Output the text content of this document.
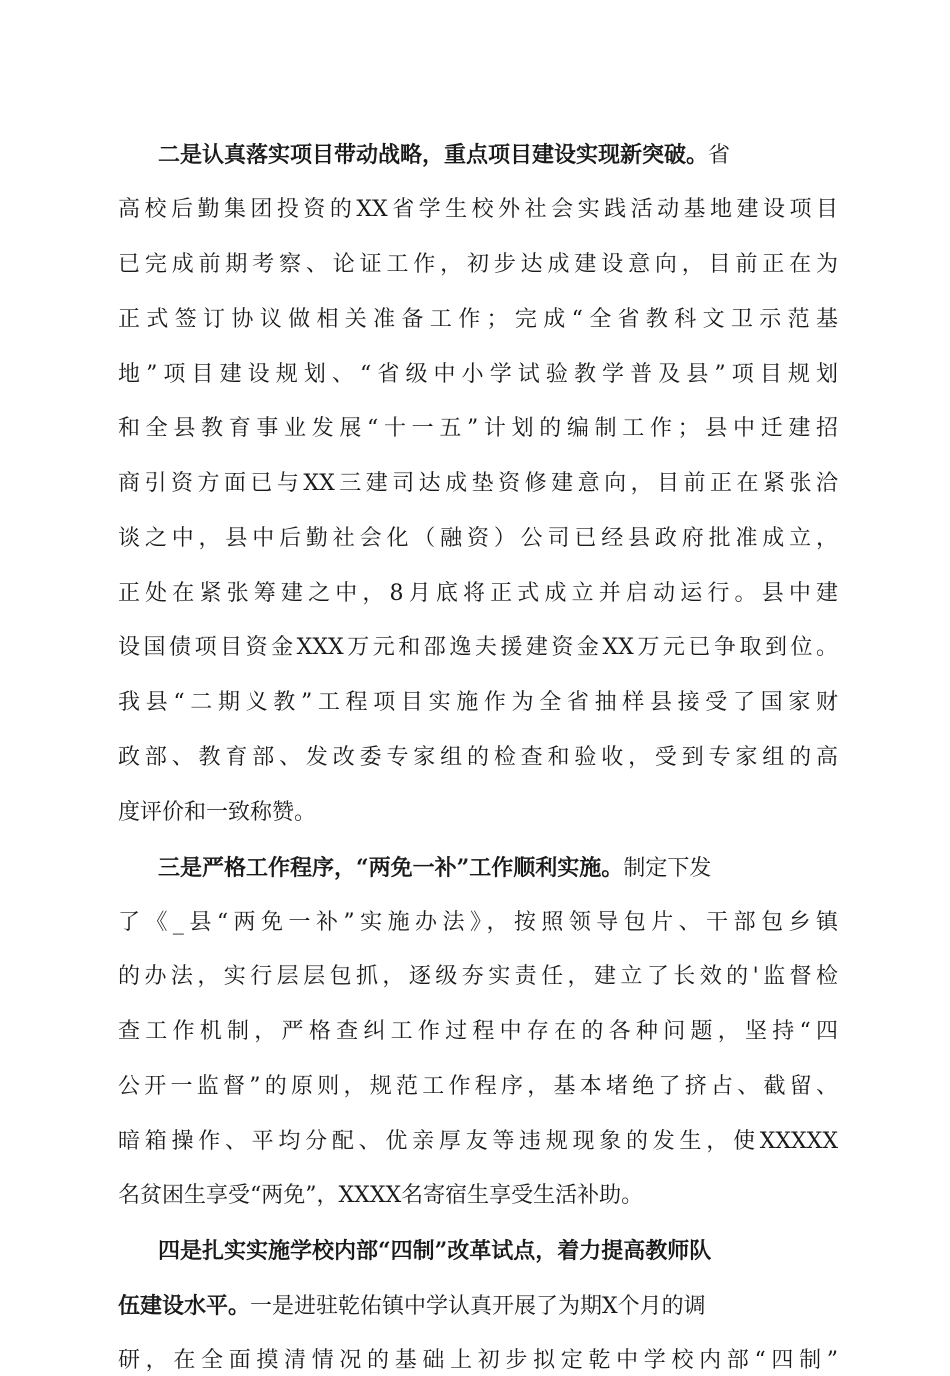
二是认真落实项目带动战略，重点项目建设实现新突破。省
高校后勤集团投资的XX省学生校外社会实践活动基地建设项目
已完成前期考察、论证工作，初步达成建设意向，目前正在为
正式签订协议做相关准备工作；完成“全省教科文卫示范基
地”项目建设规划、“省级中小学试验教学普及县”项目规划
和全县教育事业发展“十一五”计划的编制工作；县中迁建招
商引资方面已与XX三建司达成垫资修建意向，目前正在紧张洽
谈之中，县中后勤社会化（融资）公司已经县政府批准成立，
正处在紧张筹建之中，8月底将正式成立并启动运行。县中建
设国债项目资金XXX万元和邵逸夫援建资金XX万元已争取到位。
我县“二期义教”工程项目实施作为全省抽样县接受了国家财
政部、教育部、发改委专家组的检查和验收，受到专家组的高
度评价和一致称赞。
三是严格工作程序，“两免一补”工作顺利实施。制定下发
了《_县“两免一补”实施办法》，按照领导包片、干部包乡镇
的办法，实行层层包抓，逐级夯实责任，建立了长效的'监督检
查工作机制，严格查纠工作过程中存在的各种问题，坚持“四
公开一监督”的原则，规范工作程序，基本堵绝了挤占、截留、
暗箱操作、平均分配、优亲厚友等违规现象的发生，使XXXXX
名贫困生享受“两免”，XXXX名寄宿生享受生活补助。
四是扎实实施学校内部“四制”改革试点，着力提高教师队
伍建设水平。一是进驻乾佑镇中学认真开展了为期X个月的调
研，在全面摸清情况的基础上初步拟定乾中学校内部“四制”
